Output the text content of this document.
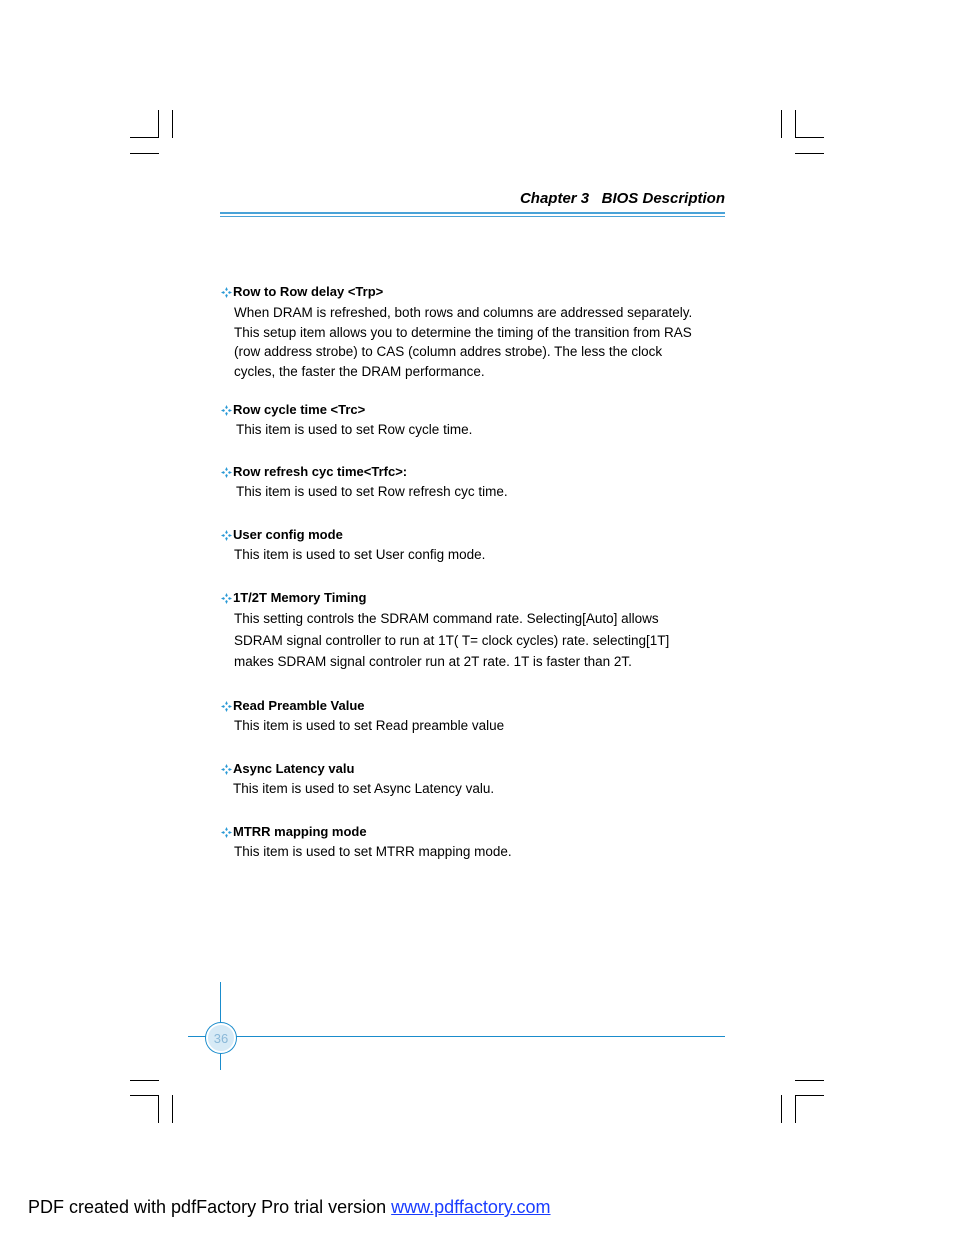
Chapter 3   BIOS Description
Row to Row delay <Trp>
When DRAM is refreshed, both rows and columns are addressed separately.
This setup item allows you to determine the timing of the transition from RAS
(row address strobe) to CAS (column addres strobe). The less the clock
cycles, the faster the DRAM performance.
Row cycle time <Trc>
This item is used to set Row cycle time.
Row refresh cyc time<Trfc>:
This item is used to set Row refresh cyc time.
User config mode
This item is used to set User config mode.
1T/2T Memory Timing
This setting controls the SDRAM command rate. Selecting[Auto] allows
SDRAM signal controller to run at 1T( T= clock cycles) rate. selecting[1T]
makes SDRAM signal controler run at 2T rate. 1T is faster than 2T.
Read Preamble Value
This item is used to set Read preamble value
Async Latency valu
This item is used to set Async Latency valu.
MTRR mapping mode
This item is used to set MTRR mapping mode.
36
PDF created with pdfFactory Pro trial version www.pdffactory.com
